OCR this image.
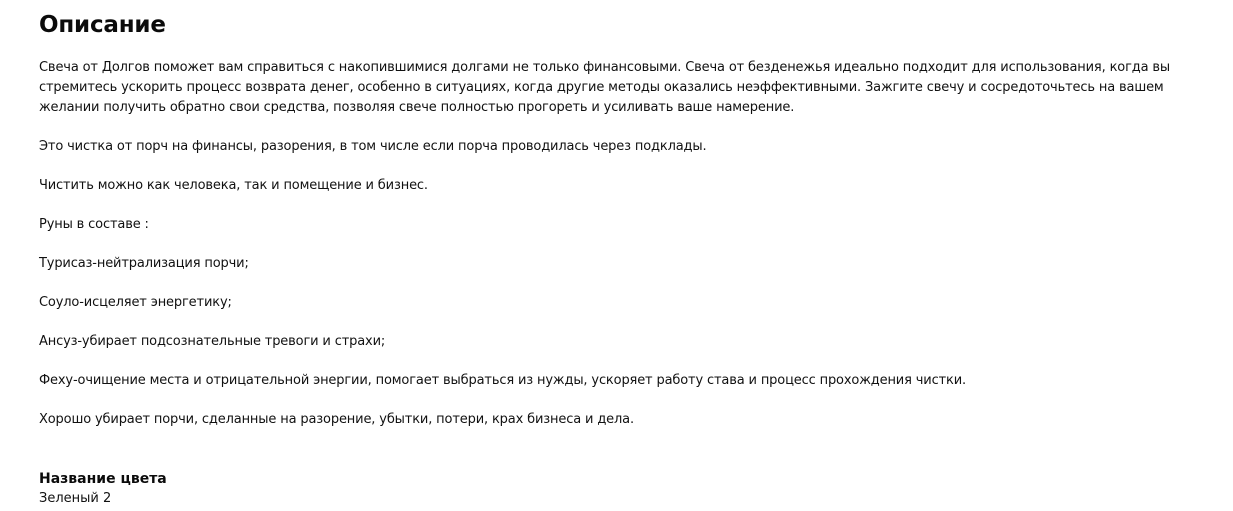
Описание

Свеча от Долгов поможет вам справиться с накопившимися долгами не только финансовыми. Свеча от безденежья идеально подходит для использования, когда вы стремитесь ускорить процесс возврата денег, особенно в ситуациях, когда другие методы оказались неэффективными. Зажгите свечу и сосредоточьтесь на вашем желании получить обратно свои средства, позволяя свече полностью прогореть и усиливать ваше намерение.

Это чистка от порч на финансы, разорения, в том числе если порча проводилась через подклады.

Чистить можно как человека, так и помещение и бизнес.

Руны в составе :

Турисаз-нейтрализация порчи;

Соуло-исцеляет энергетику;

Ансуз-убирает подсознательные тревоги и страхи;

Феху-очищение места и отрицательной энергии, помогает выбраться из нужды, ускоряет работу става и процесс прохождения чистки.

Хорошо убирает порчи, сделанные на разорение, убытки, потери, крах бизнеса и дела.

Название цвета

Зеленый 2
